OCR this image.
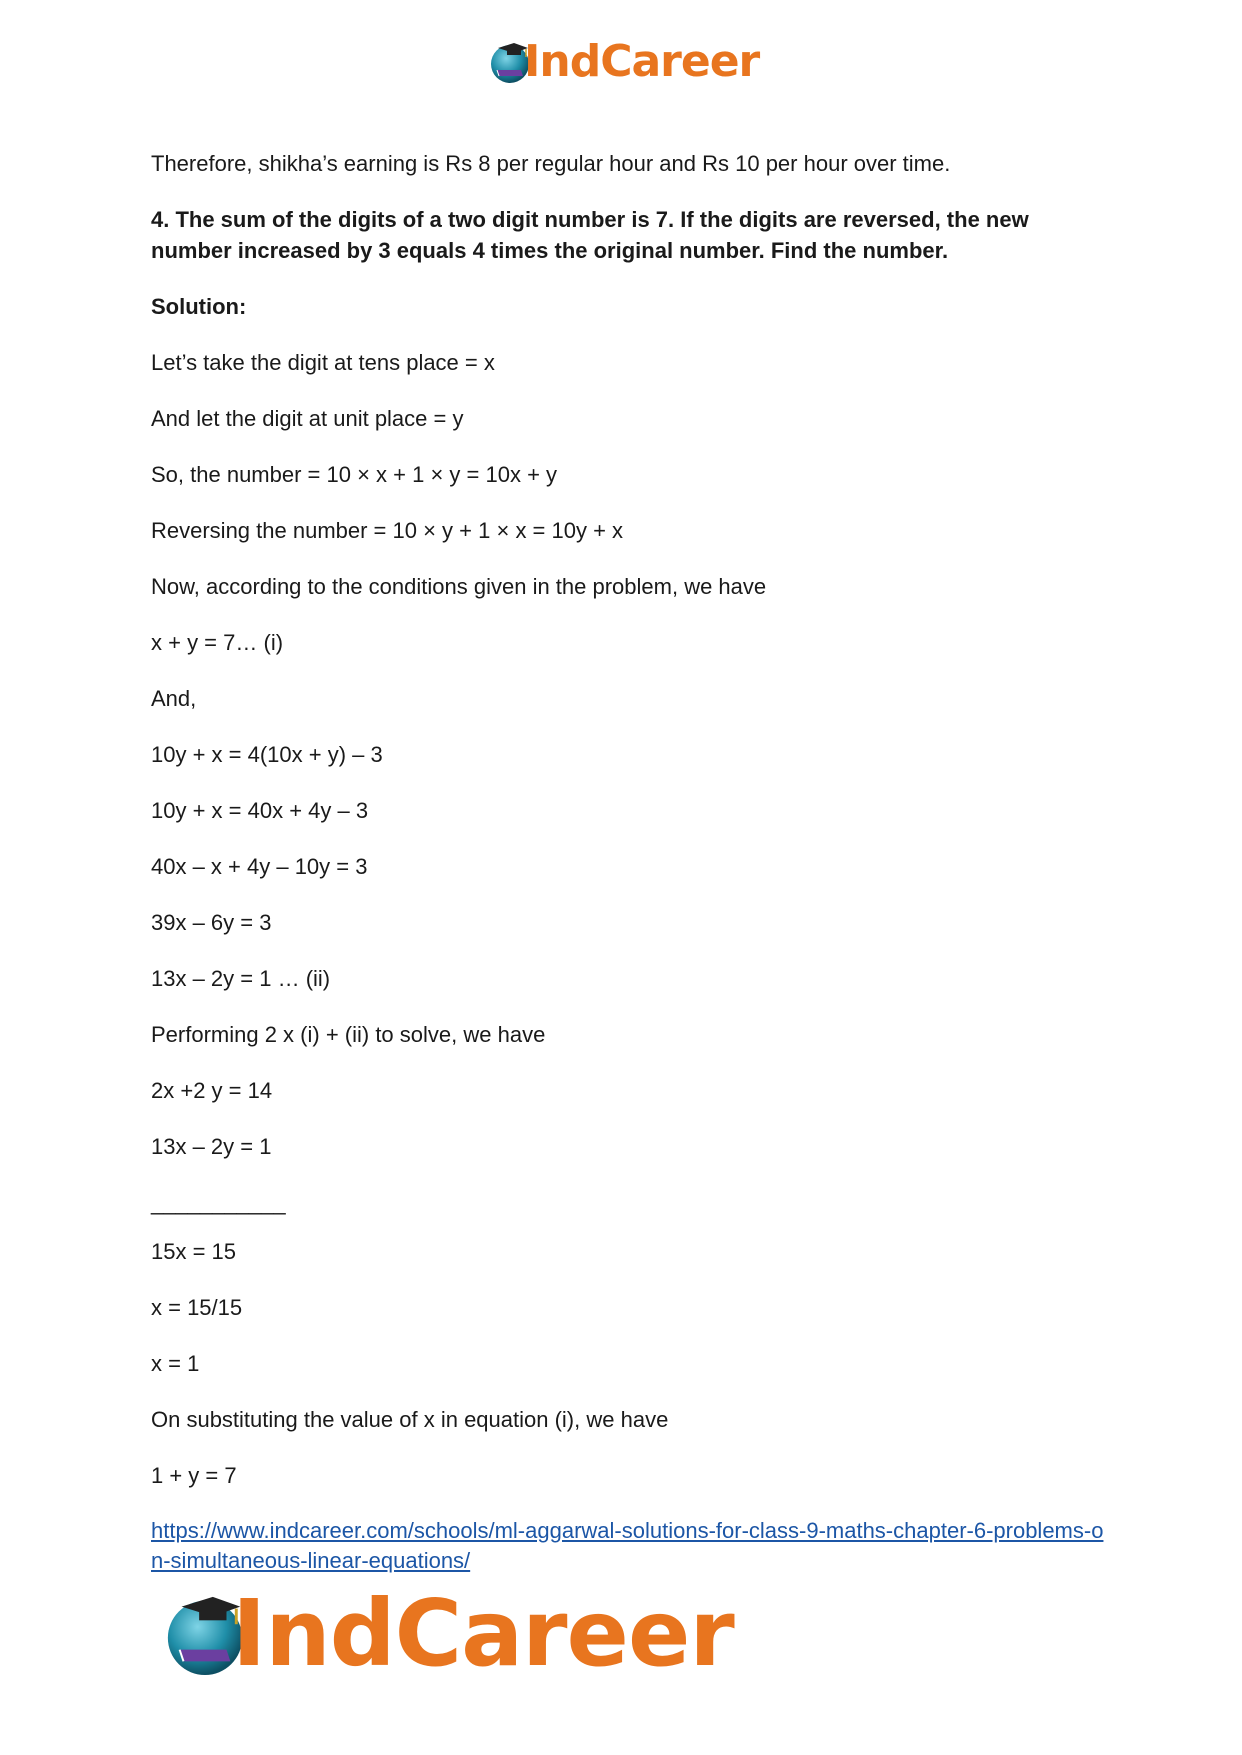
IndCareer

Therefore, shikha’s earning is Rs 8 per regular hour and Rs 10 per hour over time.

4. The sum of the digits of a two digit number is 7. If the digits are reversed, the new number increased by 3 equals 4 times the original number. Find the number.

Solution:

Let’s take the digit at tens place = x

And let the digit at unit place = y

So, the number = 10 × x + 1 × y = 10x + y

Reversing the number = 10 × y + 1 × x = 10y + x

Now, according to the conditions given in the problem, we have

x + y = 7… (i)

And,

10y + x = 4(10x + y) – 3

10y + x = 40x + 4y – 3

40x – x + 4y – 10y = 3

39x – 6y = 3

13x – 2y = 1 … (ii)

Performing 2 x (i) + (ii) to solve, we have

2x +2 y = 14

13x – 2y = 1

___________

15x = 15

x = 15/15

x = 1

On substituting the value of x in equation (i), we have

1 + y = 7

https://www.indcareer.com/schools/ml-aggarwal-solutions-for-class-9-maths-chapter-6-problems-on-simultaneous-linear-equations/
IndCareer
